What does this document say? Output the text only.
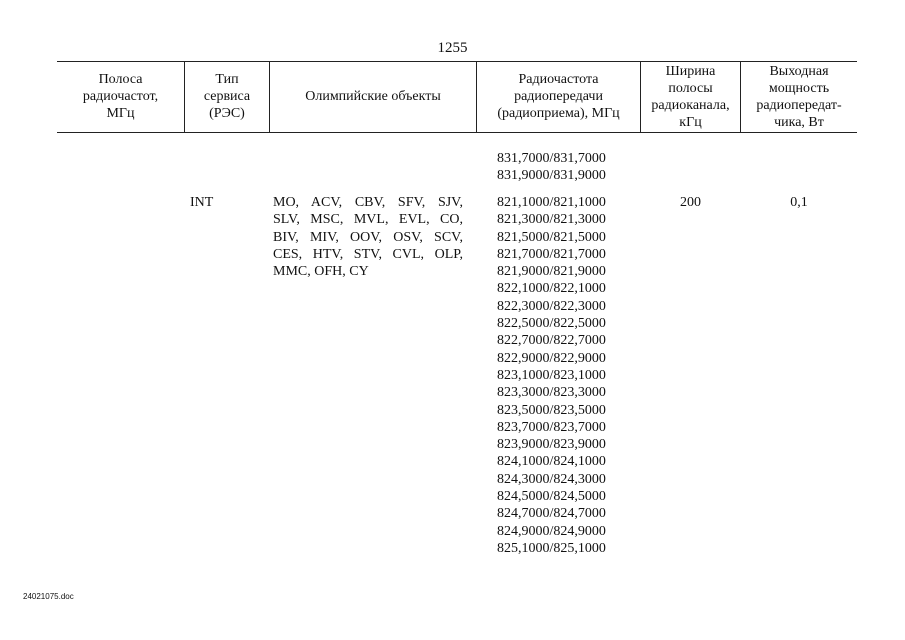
1255
Полоса
радиочастот,
МГц
Тип
сервиса
(РЭС)
Олимпийские объекты
Радиочастота
радиопередачи
(радиоприема), МГц
Ширина
полосы
радиоканала,
кГц
Выходная
мощность
радиопередат-
чика, Вт
831,7000/831,7000
831,9000/831,9000
INT	MO, ACV, CBV, SFV, SJV,
SLV, MSC, MVL, EVL, CO,
BIV, MIV, OOV, OSV, SCV,
CES, HTV, STV, CVL, OLP,
MMC, OFH, CY
821,1000/821,1000
821,3000/821,3000
821,5000/821,5000
821,7000/821,7000
821,9000/821,9000
822,1000/822,1000
822,3000/822,3000
822,5000/822,5000
822,7000/822,7000
822,9000/822,9000
823,1000/823,1000
823,3000/823,3000
823,5000/823,5000
823,7000/823,7000
823,9000/823,9000
824,1000/824,1000
824,3000/824,3000
824,5000/824,5000
824,7000/824,7000
824,9000/824,9000
825,1000/825,1000
200	0,1
24021075.doc
